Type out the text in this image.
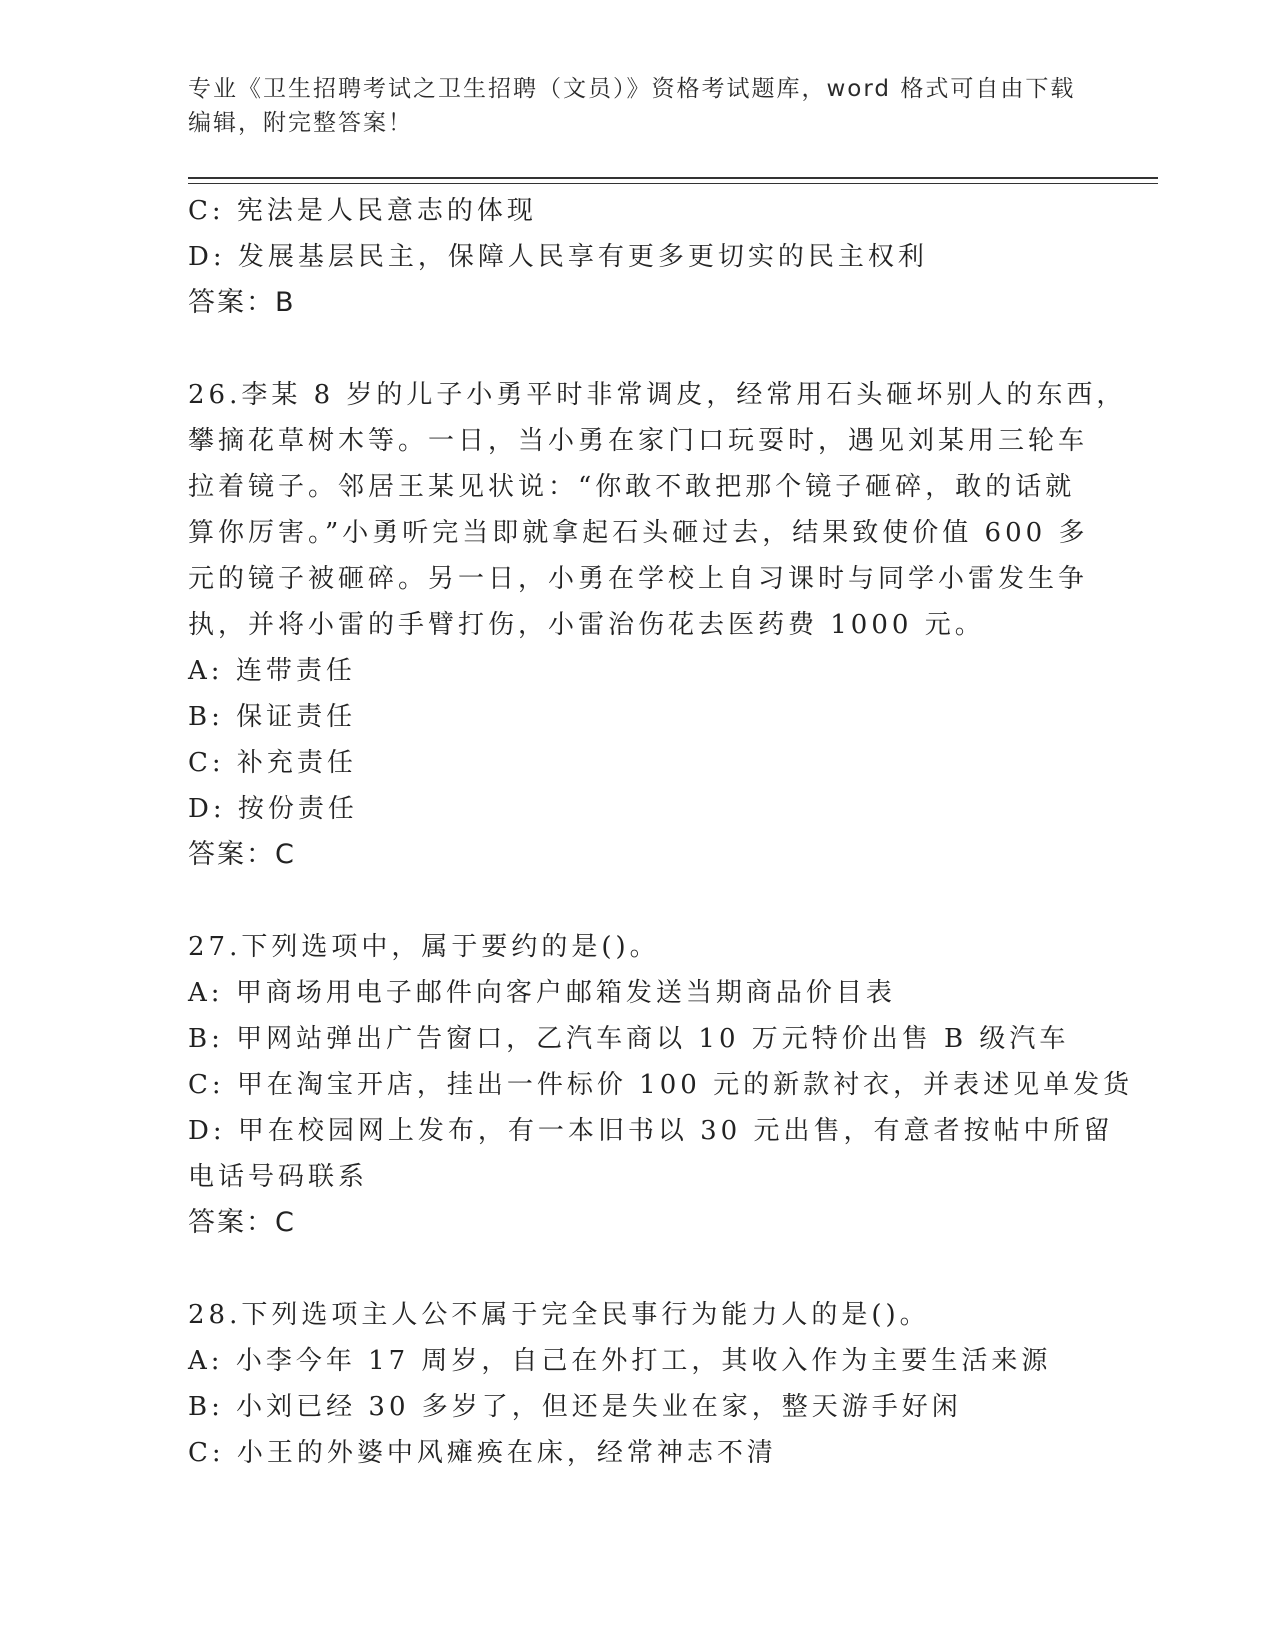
专业《卫生招聘考试之卫生招聘（文员）》资格考试题库，word 格式可自由下载
编辑，附完整答案！
C: 宪法是人民意志的体现
D: 发展基层民主，保障人民享有更多更切实的民主权利
答案：B
26.李某 8 岁的儿子小勇平时非常调皮，经常用石头砸坏别人的东西，
攀摘花草树木等。一日，当小勇在家门口玩耍时，遇见刘某用三轮车
拉着镜子。邻居王某见状说：“你敢不敢把那个镜子砸碎，敢的话就
算你厉害。”小勇听完当即就拿起石头砸过去，结果致使价值 600 多
元的镜子被砸碎。另一日，小勇在学校上自习课时与同学小雷发生争
执，并将小雷的手臂打伤，小雷治伤花去医药费 1000 元。
A: 连带责任
B: 保证责任
C: 补充责任
D: 按份责任
答案：C
27.下列选项中，属于要约的是()。
A: 甲商场用电子邮件向客户邮箱发送当期商品价目表
B: 甲网站弹出广告窗口，乙汽车商以 10 万元特价出售 B 级汽车
C: 甲在淘宝开店，挂出一件标价 100 元的新款衬衣，并表述见单发货
D: 甲在校园网上发布，有一本旧书以 30 元出售，有意者按帖中所留
电话号码联系
答案：C
28.下列选项主人公不属于完全民事行为能力人的是()。
A: 小李今年 17 周岁，自己在外打工，其收入作为主要生活来源
B: 小刘已经 30 多岁了，但还是失业在家，整天游手好闲
C: 小王的外婆中风瘫痪在床，经常神志不清
